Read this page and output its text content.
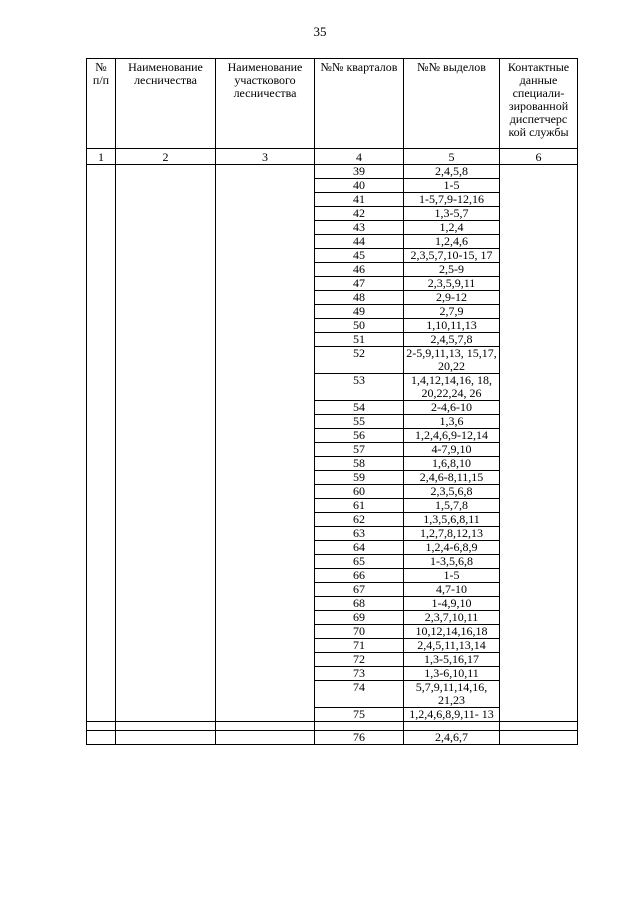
35
№ п/п	Наименование лесничества	Наименование участкового лесничества	№№ кварталов	№№ выделов	Контактные данные специали-зированной диспетчерс кой службы
1	2	3	4	5	6
			39	2,4,5,8	
			40	1-5	
			41	1-5,7,9-12,16	
			42	1,3-5,7	
			43	1,2,4	
			44	1,2,4,6	
			45	2,3,5,7,10-15, 17	
			46	2,5-9	
			47	2,3,5,9,11	
			48	2,9-12	
			49	2,7,9	
			50	1,10,11,13	
			51	2,4,5,7,8	
			52	2-5,9,11,13, 15,17, 20,22	
			53	1,4,12,14,16, 18, 20,22,24, 26	
			54	2-4,6-10	
			55	1,3,6	
			56	1,2,4,6,9-12,14	
			57	4-7,9,10	
			58	1,6,8,10	
			59	2,4,6-8,11,15	
			60	2,3,5,6,8	
			61	1,5,7,8	
			62	1,3,5,6,8,11	
			63	1,2,7,8,12,13	
			64	1,2,4-6,8,9	
			65	1-3,5,6,8	
			66	1-5	
			67	4,7-10	
			68	1-4,9,10	
			69	2,3,7,10,11	
			70	10,12,14,16,18	
			71	2,4,5,11,13,14	
			72	1,3-5,16,17	
			73	1,3-6,10,11	
			74	5,7,9,11,14,16, 21,23	
			75	1,2,4,6,8,9,11- 13	

			76	2,4,6,7	
